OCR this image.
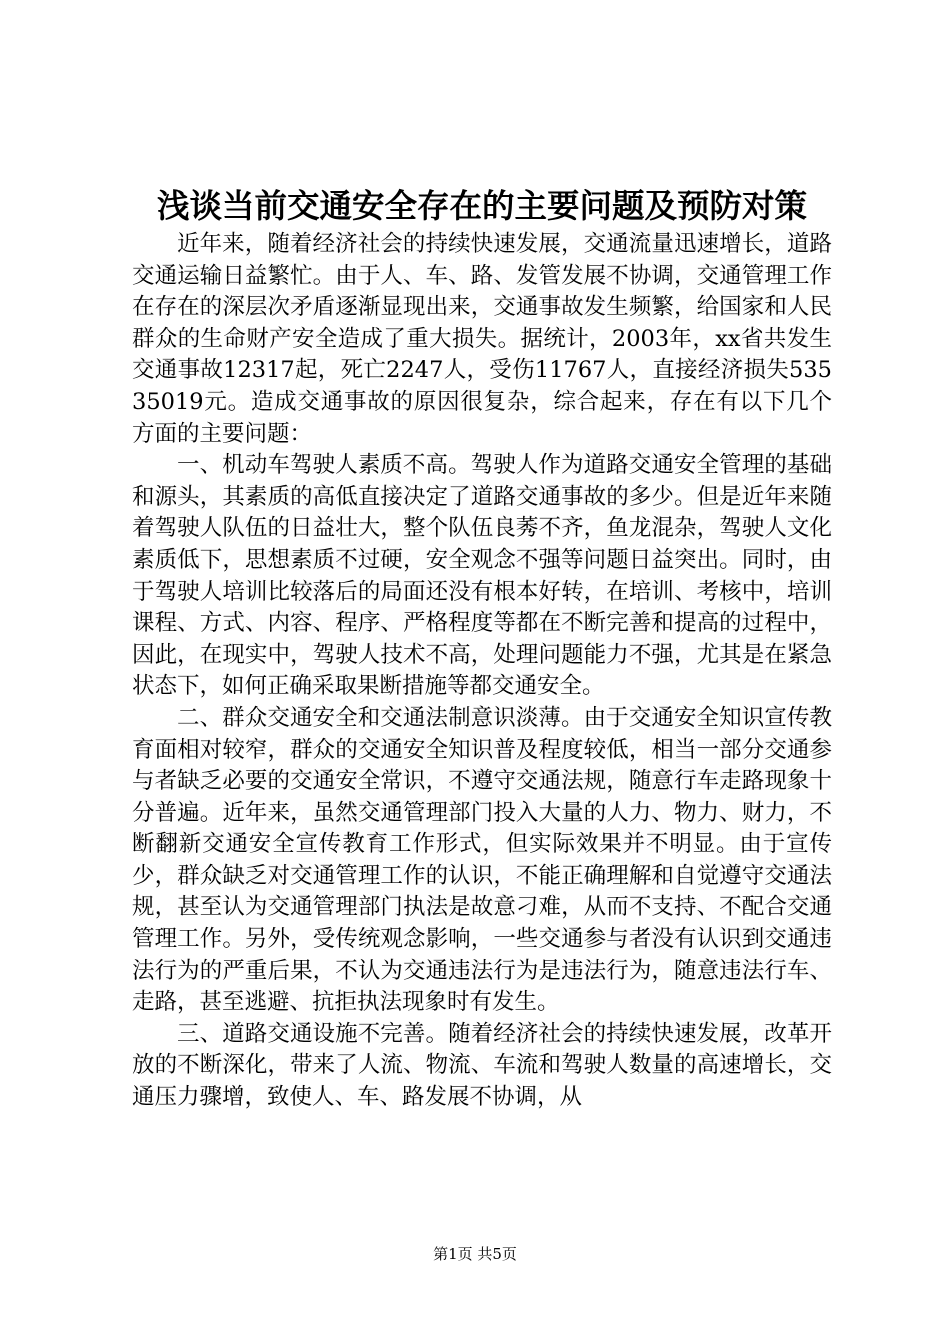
浅谈当前交通安全存在的主要问题及预防对策

近年来，随着经济社会的持续快速发展，交通流量迅速增长，道路交通运输日益繁忙。由于人、车、路、发管发展不协调，交通管理工作在存在的深层次矛盾逐渐显现出来，交通事故发生频繁，给国家和人民群众的生命财产安全造成了重大损失。据统计，2003年，xx省共发生交通事故12317起，死亡2247人，受伤11767人，直接经济损失53535019元。造成交通事故的原因很复杂，综合起来，存在有以下几个方面的主要问题：

一、机动车驾驶人素质不高。驾驶人作为道路交通安全管理的基础和源头，其素质的高低直接决定了道路交通事故的多少。但是近年来随着驾驶人队伍的日益壮大，整个队伍良莠不齐，鱼龙混杂，驾驶人文化素质低下，思想素质不过硬，安全观念不强等问题日益突出。同时，由于驾驶人培训比较落后的局面还没有根本好转，在培训、考核中，培训课程、方式、内容、程序、严格程度等都在不断完善和提高的过程中，因此，在现实中，驾驶人技术不高，处理问题能力不强，尤其是在紧急状态下，如何正确采取果断措施等都交通安全。

二、群众交通安全和交通法制意识淡薄。由于交通安全知识宣传教育面相对较窄，群众的交通安全知识普及程度较低，相当一部分交通参与者缺乏必要的交通安全常识，不遵守交通法规，随意行车走路现象十分普遍。近年来，虽然交通管理部门投入大量的人力、物力、财力，不断翻新交通安全宣传教育工作形式，但实际效果并不明显。由于宣传少，群众缺乏对交通管理工作的认识，不能正确理解和自觉遵守交通法规，甚至认为交通管理部门执法是故意刁难，从而不支持、不配合交通管理工作。另外，受传统观念影响，一些交通参与者没有认识到交通违法行为的严重后果，不认为交通违法行为是违法行为，随意违法行车、走路，甚至逃避、抗拒执法现象时有发生。

三、道路交通设施不完善。随着经济社会的持续快速发展，改革开放的不断深化，带来了人流、物流、车流和驾驶人数量的高速增长，交通压力骤增，致使人、车、路发展不协调，从

第1页 共5页
